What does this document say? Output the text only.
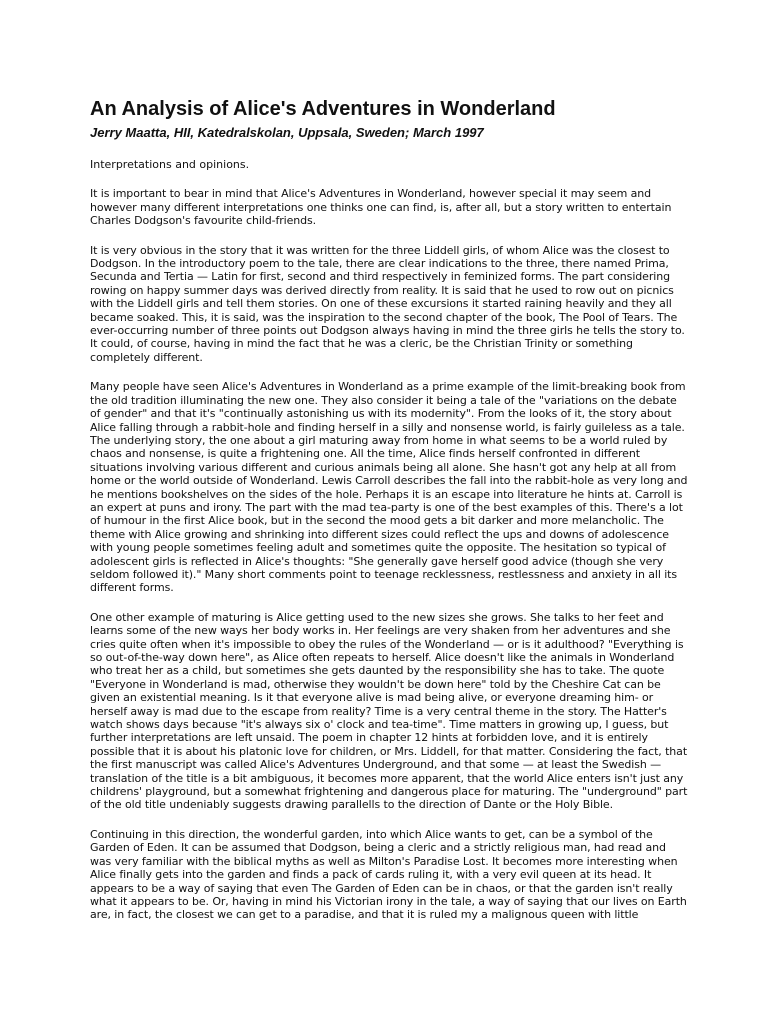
An Analysis of Alice's Adventures in Wonderland
Jerry Maatta, HII, Katedralskolan, Uppsala, Sweden; March 1997

Interpretations and opinions.

It is important to bear in mind that Alice's Adventures in Wonderland, however special it may seem and however many different interpretations one thinks one can find, is, after all, but a story written to entertain Charles Dodgson's favourite child-friends.

It is very obvious in the story that it was written for the three Liddell girls, of whom Alice was the closest to Dodgson. In the introductory poem to the tale, there are clear indications to the three, there named Prima, Secunda and Tertia — Latin for first, second and third respectively in feminized forms. The part considering rowing on happy summer days was derived directly from reality. It is said that he used to row out on picnics with the Liddell girls and tell them stories. On one of these excursions it started raining heavily and they all became soaked. This, it is said, was the inspiration to the second chapter of the book, The Pool of Tears. The ever-occurring number of three points out Dodgson always having in mind the three girls he tells the story to. It could, of course, having in mind the fact that he was a cleric, be the Christian Trinity or something completely different.

Many people have seen Alice's Adventures in Wonderland as a prime example of the limit-breaking book from the old tradition illuminating the new one. They also consider it being a tale of the "variations on the debate of gender" and that it's "continually astonishing us with its modernity". From the looks of it, the story about Alice falling through a rabbit-hole and finding herself in a silly and nonsense world, is fairly guileless as a tale. The underlying story, the one about a girl maturing away from home in what seems to be a world ruled by chaos and nonsense, is quite a frightening one. All the time, Alice finds herself confronted in different situations involving various different and curious animals being all alone. She hasn't got any help at all from home or the world outside of Wonderland. Lewis Carroll describes the fall into the rabbit-hole as very long and he mentions bookshelves on the sides of the hole. Perhaps it is an escape into literature he hints at. Carroll is an expert at puns and irony. The part with the mad tea-party is one of the best examples of this. There's a lot of humour in the first Alice book, but in the second the mood gets a bit darker and more melancholic. The theme with Alice growing and shrinking into different sizes could reflect the ups and downs of adolescence with young people sometimes feeling adult and sometimes quite the opposite. The hesitation so typical of adolescent girls is reflected in Alice's thoughts: "She generally gave herself good advice (though she very seldom followed it)." Many short comments point to teenage recklessness, restlessness and anxiety in all its different forms.

One other example of maturing is Alice getting used to the new sizes she grows. She talks to her feet and learns some of the new ways her body works in. Her feelings are very shaken from her adventures and she cries quite often when it's impossible to obey the rules of the Wonderland — or is it adulthood? "Everything is so out-of-the-way down here", as Alice often repeats to herself. Alice doesn't like the animals in Wonderland who treat her as a child, but sometimes she gets daunted by the responsibility she has to take. The quote "Everyone in Wonderland is mad, otherwise they wouldn't be down here" told by the Cheshire Cat can be given an existential meaning. Is it that everyone alive is mad being alive, or everyone dreaming him- or herself away is mad due to the escape from reality? Time is a very central theme in the story. The Hatter's watch shows days because "it's always six o' clock and tea-time". Time matters in growing up, I guess, but further interpretations are left unsaid. The poem in chapter 12 hints at forbidden love, and it is entirely possible that it is about his platonic love for children, or Mrs. Liddell, for that matter. Considering the fact, that the first manuscript was called Alice's Adventures Underground, and that some — at least the Swedish — translation of the title is a bit ambiguous, it becomes more apparent, that the world Alice enters isn't just any childrens' playground, but a somewhat frightening and dangerous place for maturing. The "underground" part of the old title undeniably suggests drawing parallells to the direction of Dante or the Holy Bible.

Continuing in this direction, the wonderful garden, into which Alice wants to get, can be a symbol of the Garden of Eden. It can be assumed that Dodgson, being a cleric and a strictly religious man, had read and was very familiar with the biblical myths as well as Milton's Paradise Lost. It becomes more interesting when Alice finally gets into the garden and finds a pack of cards ruling it, with a very evil queen at its head. It appears to be a way of saying that even The Garden of Eden can be in chaos, or that the garden isn't really what it appears to be. Or, having in mind his Victorian irony in the tale, a way of saying that our lives on Earth are, in fact, the closest we can get to a paradise, and that it is ruled my a malignous queen with little
